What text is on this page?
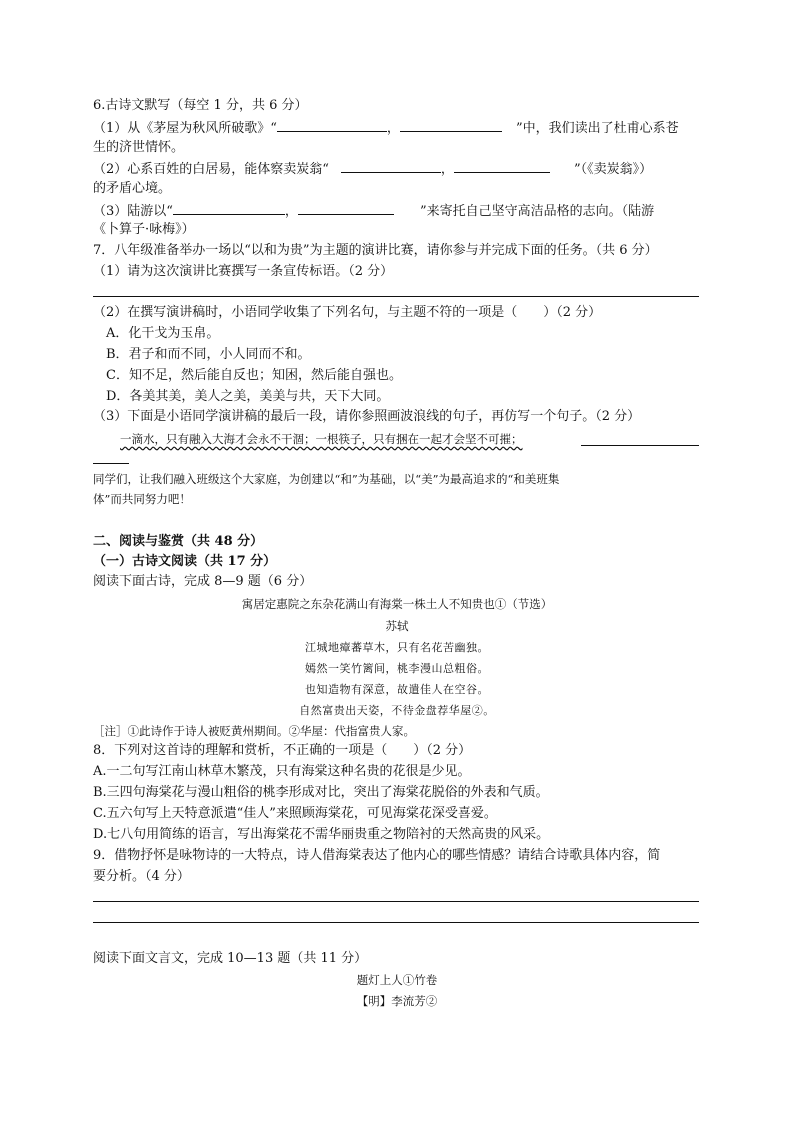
6.古诗文默写（每空 1 分，共 6 分）
（1）从《茅屋为秋风所破歌》“	，	”中，我们读出了杜甫心系苍
生的济世情怀。
（2）心系百姓的白居易，能体察卖炭翁“	，	”（《卖炭翁》）
的矛盾心境。
（3）陆游以“	，	”来寄托自己坚守高洁品格的志向。（陆游
《卜算子·咏梅》）
7．八年级准备举办一场以“以和为贵”为主题的演讲比赛，请你参与并完成下面的任务。（共 6 分）
（1）请为这次演讲比赛撰写一条宣传标语。（2 分）
（2）在撰写演讲稿时，小语同学收集了下列名句，与主题不符的一项是（　　）（2 分）
A．化干戈为玉帛。
B．君子和而不同，小人同而不和。
C．知不足，然后能自反也；知困，然后能自强也。
D．各美其美，美人之美，美美与共，天下大同。
（3）下面是小语同学演讲稿的最后一段，请你参照画波浪线的句子，再仿写一个句子。（2 分）
一滴水，只有融入大海才会永不干涸；一根筷子，只有捆在一起才会坚不可摧；
同学们，让我们融入班级这个大家庭，为创建以“和”为基础，以“美”为最高追求的“和美班集
体”而共同努力吧！
二、阅读与鉴赏（共 48 分）
（一）古诗文阅读（共 17 分）
阅读下面古诗，完成 8—9 题（6 分）
寓居定惠院之东杂花满山有海棠一株土人不知贵也①（节选）
苏轼
江城地瘴蕃草木，只有名花苦幽独。
嫣然一笑竹篱间，桃李漫山总粗俗。
也知造物有深意，故遣佳人在空谷。
自然富贵出天姿，不待金盘荐华屋②。
［注］①此诗作于诗人被贬黄州期间。②华屋：代指富贵人家。
8．下列对这首诗的理解和赏析，不正确的一项是（　　）（2 分）
A.一二句写江南山林草木繁茂，只有海棠这种名贵的花很是少见。
B.三四句海棠花与漫山粗俗的桃李形成对比，突出了海棠花脱俗的外表和气质。
C.五六句写上天特意派遣“佳人”来照顾海棠花，可见海棠花深受喜爱。
D.七八句用简练的语言，写出海棠花不需华丽贵重之物陪衬的天然高贵的风采。
9．借物抒怀是咏物诗的一大特点，诗人借海棠表达了他内心的哪些情感？请结合诗歌具体内容，简
要分析。（4 分）
阅读下面文言文，完成 10—13 题（共 11 分）
题灯上人①竹卷
【明】李流芳②
